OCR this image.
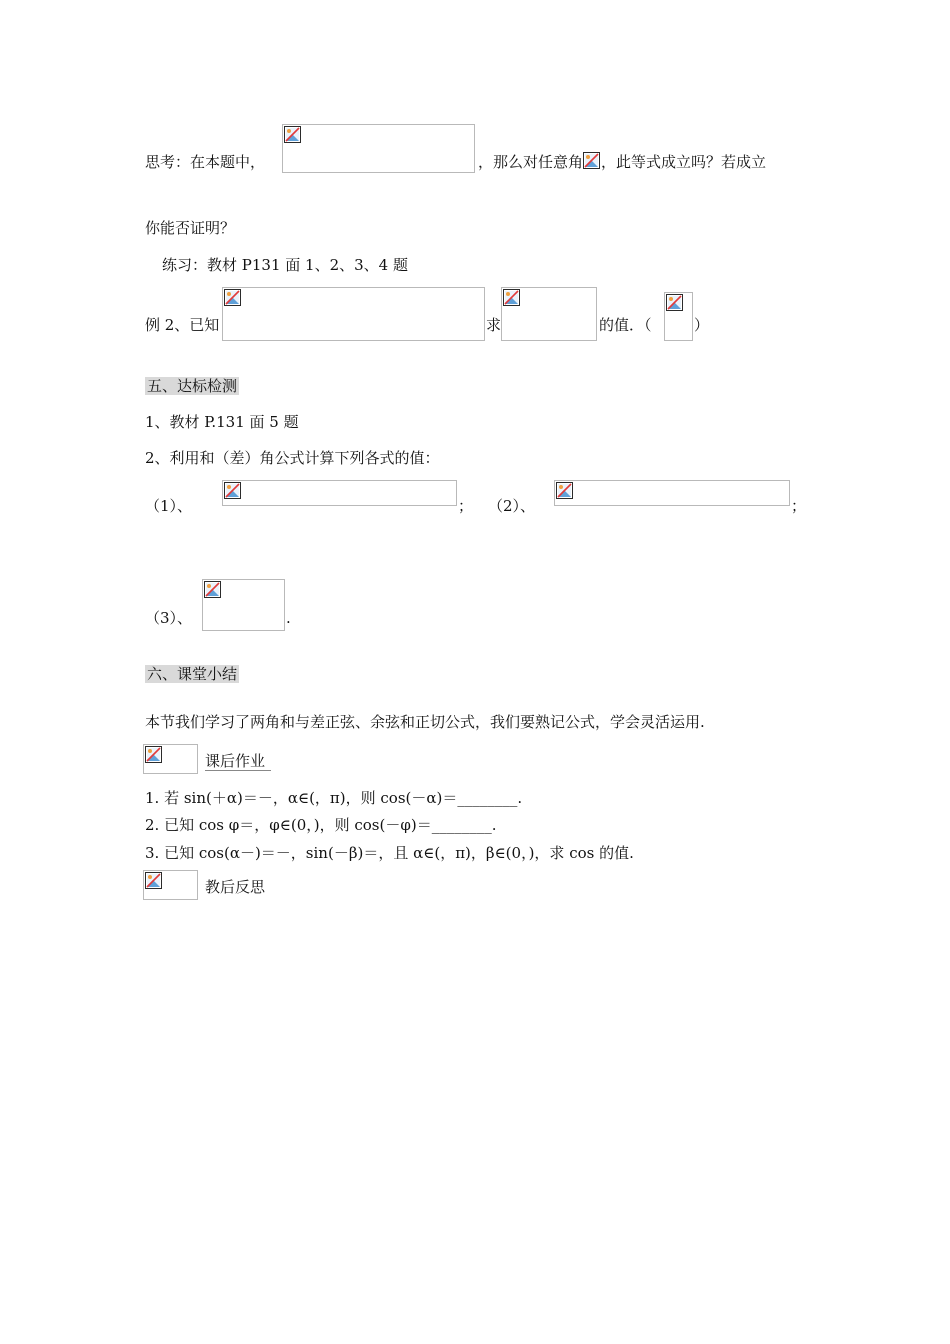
思考：在本题中，	，那么对任意角 ，此等式成立吗？若成立
你能否证明？
练习：教材 P131 面 1、2、3、4 题
例 2、已知	求	的值．（	）
五、达标检测
1、教材 P.131 面 5 题
2、利用和（差）角公式计算下列各式的值：
（1）、	； （2）、	；
（3）、	.
六、课堂小结
本节我们学习了两角和与差正弦、余弦和正切公式，我们要熟记公式，学会灵活运用.
课后作业
1. 若 sin(＋α)＝－，α∈(，π)，则 cos(－α)＝________.
2. 已知 cos φ＝，φ∈(0，)，则 cos(－φ)＝________.
3. 已知 cos(α－)＝－，sin(－β)＝，且 α∈(，π)，β∈(0，)，求 cos 的值.
教后反思
